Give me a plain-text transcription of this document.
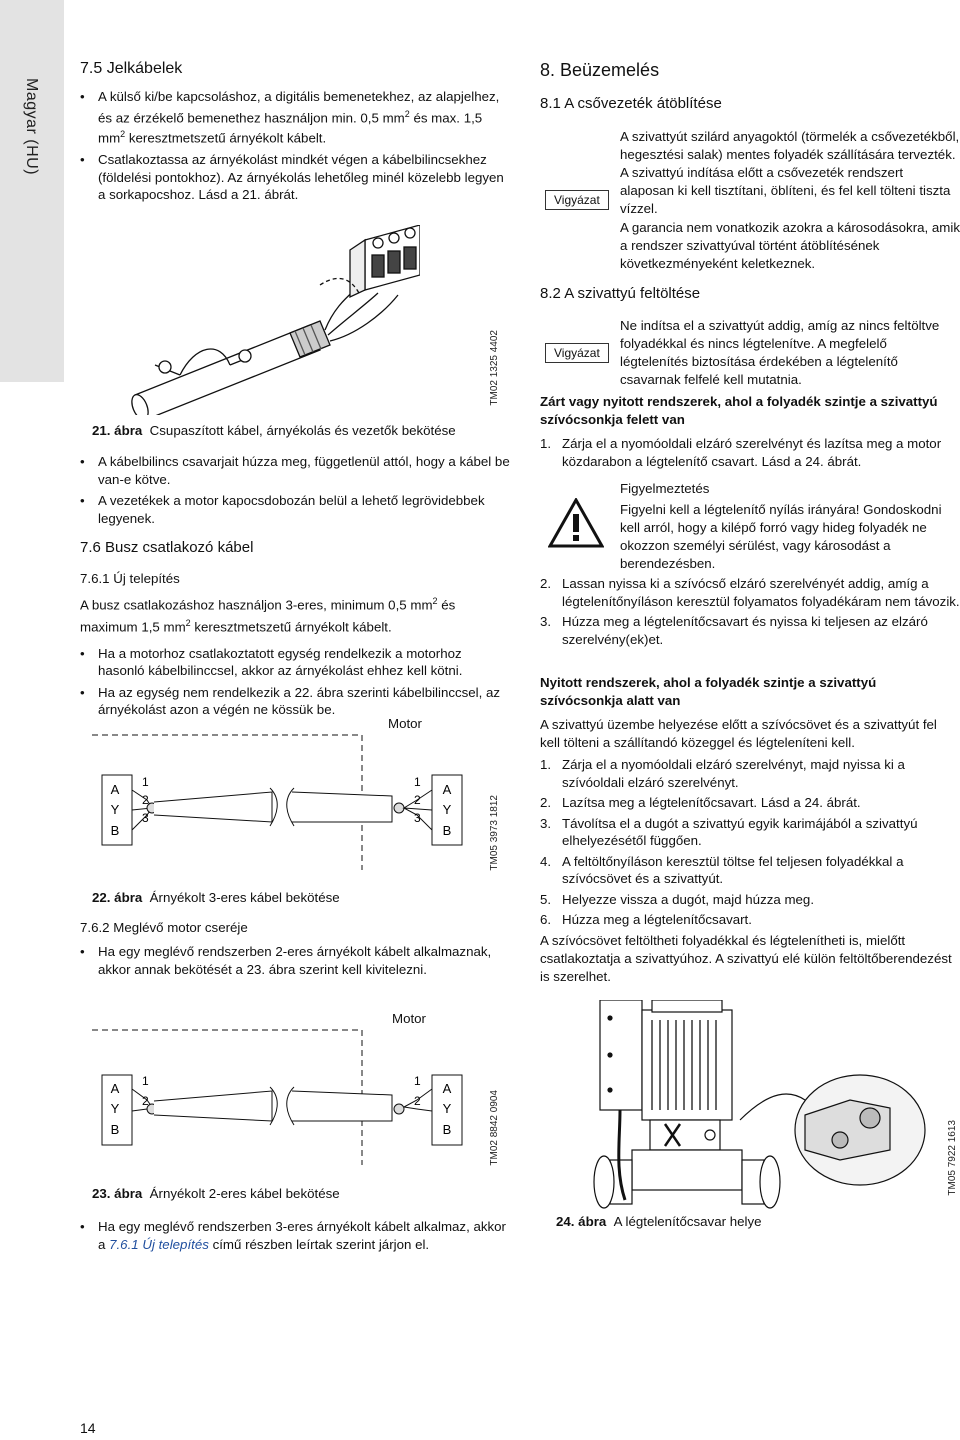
Magyar (HU)
7.5 Jelkábelek
• A külső ki/be kapcsoláshoz, a digitális bemenetekhez, az alapjelhez, és az érzékelő bemenethez használjon min. 0,5 $mm^2$ és max. 1,5 $mm^2$ keresztmetszetű árnyékolt kábelt.
• Csatlakoztassa az árnyékolást mindkét végen a kábelbilincsekhez (földelési pontokhoz). Az árnyékolás lehetőleg minél közelebb legyen a sorkapocshoz. Lásd a 21. ábrát.
TM02 1325 4402
21. ábra Csupaszított kábel, árnyékolás és vezetők bekötése
• A kábelbilincs csavarjait húzza meg, függetlenül attól, hogy a kábel be van-e kötve.
• A vezetékek a motor kapocsdobozán belül a lehető legrövidebbek legyenek.
7.6 Busz csatlakozó kábel
7.6.1 Új telepítés
A busz csatlakozáshoz használjon 3-eres, minimum 0,5 $mm^2$ és maximum 1,5 $mm^2$ keresztmetszetű árnyékolt kábelt.
• Ha a motorhoz csatlakoztatott egység rendelkezik a motorhoz hasonló kábelbilinccsel, akkor az árnyékolást ehhez kell kötni.
• Ha az egység nem rendelkezik a 22. ábra szerinti kábelbilinccsel, az árnyékolást azon a végén ne kössük be.
Motor
A
Y
B
1
2
3
A
Y
B
1
2
3	TM05 3973 1812
22. ábra Árnyékolt 3-eres kábel bekötése
7.6.2 Meglévő motor cseréje
• Ha egy meglévő rendszerben 2-eres árnyékolt kábelt alkalmaznak, akkor annak bekötését a 23. ábra szerint kell kivitelezni.
Motor
A
Y
B
1
2
A
Y
B
1
2	TM02 8842 0904
23. ábra Árnyékolt 2-eres kábel bekötése
• Ha egy meglévő rendszerben 3-eres árnyékolt kábelt alkalmaz, akkor a 7.6.1 Új telepítés című részben leírtak szerint járjon el.
14
8. Beüzemelés
8.1 A csővezeték átöblítése
Vigyázat
A szivattyút szilárd anyagoktól (törmelék a csővezetékből, hegesztési salak) mentes folyadék szállítására tervezték. A szivattyú indítása előtt a csővezeték rendszert alaposan ki kell tisztítani, öblíteni, és fel kell tölteni tiszta vízzel.
A garancia nem vonatkozik azokra a károsodásokra, amik a rendszer szivattyúval történt átöblítésének következményeként keletkeznek.
8.2 A szivattyú feltöltése
Vigyázat
Ne indítsa el a szivattyút addig, amíg az nincs feltöltve folyadékkal és nincs légtelenítve. A megfelelő légtelenítés biztosítása érdekében a légtelenítő csavarnak felfelé kell mutatnia.
Zárt vagy nyitott rendszerek, ahol a folyadék szintje a szivattyú szívócsonkja felett van
1. Zárja el a nyomóoldali elzáró szerelvényt és lazítsa meg a motor közdarabon a légtelenítő csavart. Lásd a 24. ábrát.
Figyelmeztetés
Figyelni kell a légtelenítő nyílás irányára! Gondoskodni kell arról, hogy a kilépő forró vagy hideg folyadék ne okozzon személyi sérülést, vagy károsodást a berendezésben.
2. Lassan nyissa ki a szívócső elzáró szerelvényét addig, amíg a légtelenítőnyíláson keresztül folyamatos folyadékáram nem távozik.
3. Húzza meg a légtelenítőcsavart és nyissa ki teljesen az elzáró szerelvény(ek)et.
Nyitott rendszerek, ahol a folyadék szintje a szivattyú szívócsonkja alatt van
A szivattyú üzembe helyezése előtt a szívócsövet és a szivattyút fel kell tölteni a szállítandó közeggel és légteleníteni kell.
1. Zárja el a nyomóoldali elzáró szerelvényt, majd nyissa ki a szívóoldali elzáró szerelvényt.
2. Lazítsa meg a légtelenítőcsavart. Lásd a 24. ábrát.
3. Távolítsa el a dugót a szivattyú egyik karimájából a szivattyú elhelyezésétől függően.
4. A feltöltőnyíláson keresztül töltse fel teljesen folyadékkal a szívócsövet és a szivattyút.
5. Helyezze vissza a dugót, majd húzza meg.
6. Húzza meg a légtelenítőcsavart.
A szívócsövet feltöltheti folyadékkal és légtelenítheti is, mielőtt csatlakoztatja a szivattyúhoz. A szivattyú elé külön feltöltőberendezést is szerelhet.
TM05 7922 1613
24. ábra A légtelenítőcsavar helye
